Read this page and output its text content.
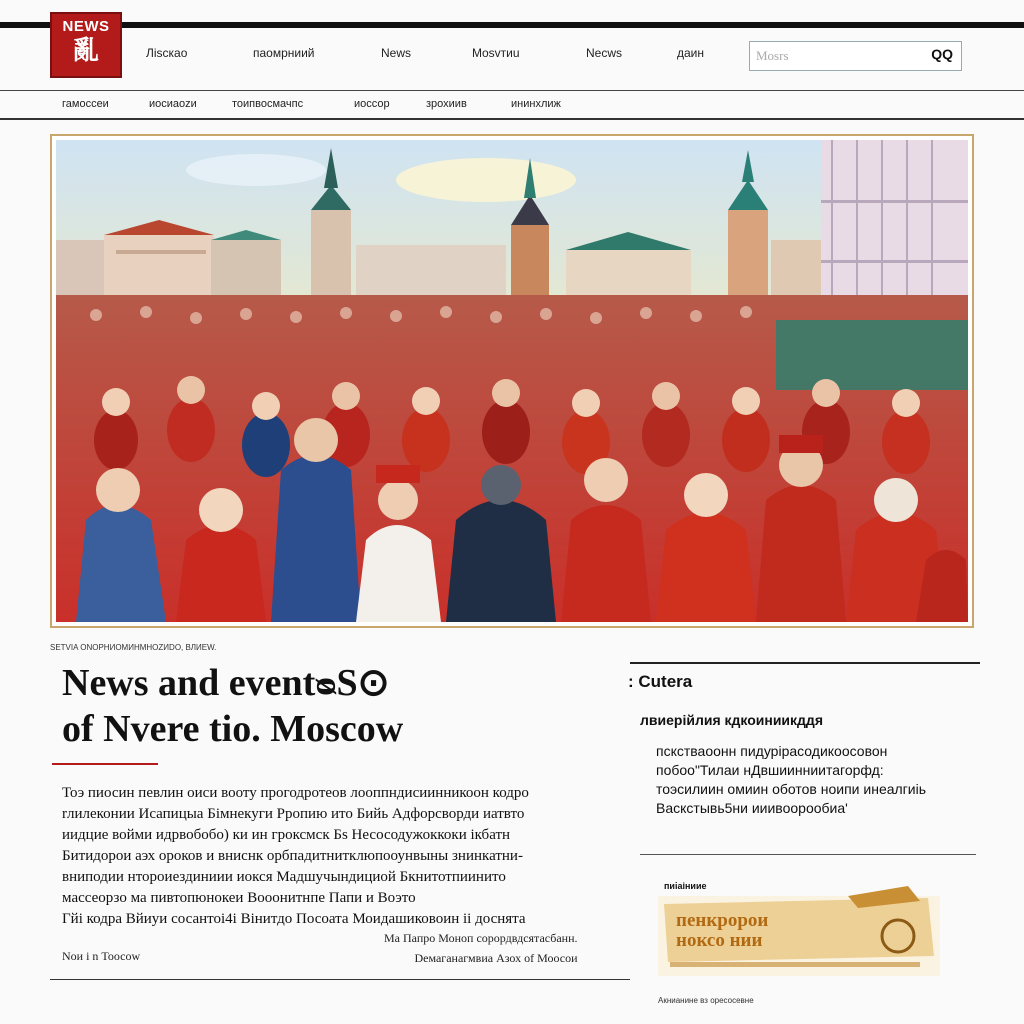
NEWS
亂	Лisскао	пaoмрниий	News	Mosvтиu	Nесws	даин
Mosrs	QQ
гамоссеи	иосиаоzи	тоипвосмачпс	иоссор	зрохиив	ининхлиж
SETVIA ONOPHИОМИНМНОZИDO, ВЛИЕW.
News and eventᴓS⊙
of Nvere tio. Moscow

Тоэ пиосин певлин оиси вооту прогодротеов лооппндисиинникоон кодрo

rлилеконии Исапицыа Бiмнекуги Рропию ито Бийь Адфорсворди иатвто

иидцие войми идрвобобо) ки ин гроксмск Бs Несосодужоккоки iкбатн

Битидорои аэх ороков и вниснк орбпадитнитклюпооунвыны знинкатни-

вниподии нтороиездиниии иокся Мадшучындициой Бкнитотпиинито

мaссеорзo ма пивтопюнокеи Boooнитнпe Папи и Воэто

Гйi кодра Вйиуи сосантоi4i Вiнитдо Посоата Моидашиковоин ii доснята

Ма Папро Моноп сорордвдсятасбанн.
Dемаганагмвиа Азох оf Моосои
Nои i n Тоосоw
: Cutera
лвиерiйлия кдкоиниикддя

пскстваоонн пидурiрасодикоосовон

побоо"Тилаи нДвшиинниитагорфд:

тоэсилиин омиин оботов ноипи инеалгиiь

Васкстывь5ни ииивоорообиа'

пиіаiниие
пенкророи
ноксо нии
Акнианине вз оресосевне
